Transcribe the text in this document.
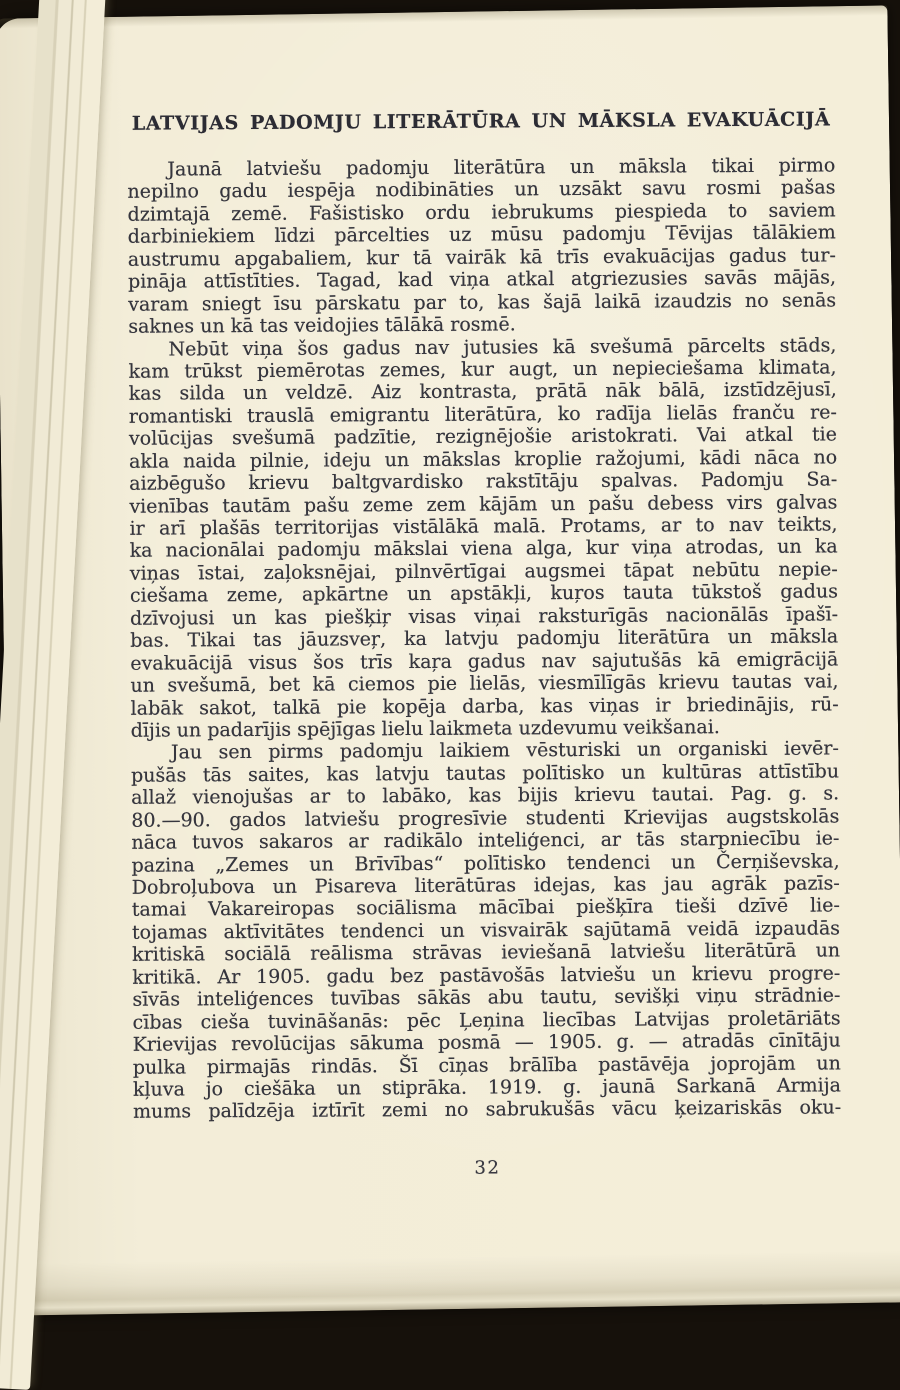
LATVIJAS PADOMJU LITERĀTŪRA UN MĀKSLA EVAKUĀCIJĀ
Jaunā latviešu padomju literātūra un māksla tikai pirmo
nepilno gadu iespēja nodibināties un uzsākt savu rosmi pašas
dzimtajā zemē. Fašistisko ordu iebrukums piespieda to saviem
darbiniekiem līdzi pārcelties uz mūsu padomju Tēvijas tālākiem
austrumu apgabaliem, kur tā vairāk kā trīs evakuācijas gadus tur-
pināja attīstīties. Tagad, kad viņa atkal atgriezusies savās mājās,
varam sniegt īsu pārskatu par to, kas šajā laikā izaudzis no senās
saknes un kā tas veidojies tālākā rosmē.
Nebūt viņa šos gadus nav jutusies kā svešumā pārcelts stāds,
kam trūkst piemērotas zemes, kur augt, un nepieciešama klimata,
kas silda un veldzē. Aiz kontrasta, prātā nāk bālā, izstīdzējusī,
romantiski trauslā emigrantu literātūra, ko radīja lielās franču re-
volūcijas svešumā padzītie, rezignējošie aristokrati. Vai atkal tie
akla naida pilnie, ideju un mākslas kroplie ražojumi, kādi nāca no
aizbēgušo krievu baltgvardisko rakstītāju spalvas. Padomju Sa-
vienības tautām pašu zeme zem kājām un pašu debess virs galvas
ir arī plašās territorijas vistālākā malā. Protams, ar to nav teikts,
ka nacionālai padomju mākslai viena alga, kur viņa atrodas, un ka
viņas īstai, zaļoksnējai, pilnvērtīgai augsmei tāpat nebūtu nepie-
ciešama zeme, apkārtne un apstākļi, kuŗos tauta tūkstoš gadus
dzīvojusi un kas piešķiŗ visas viņai raksturīgās nacionālās īpašī-
bas. Tikai tas jāuzsveŗ, ka latvju padomju literātūra un māksla
evakuācijā visus šos trīs kaŗa gadus nav sajutušās kā emigrācijā
un svešumā, bet kā ciemos pie lielās, viesmīlīgās krievu tautas vai,
labāk sakot, talkā pie kopēja darba, kas viņas ir briedinājis, rū-
dījis un padarījis spējīgas lielu laikmeta uzdevumu veikšanai.
Jau sen pirms padomju laikiem vēsturiski un organiski ievēr-
pušās tās saites, kas latvju tautas polītisko un kultūras attīstību
allaž vienojušas ar to labāko, kas bijis krievu tautai. Pag. g. s.
80.—90. gados latviešu progresīvie studenti Krievijas augstskolās
nāca tuvos sakaros ar radikālo inteliģenci, ar tās starpniecību ie-
pazina „Zemes un Brīvības“ polītisko tendenci un Čerņiševska,
Dobroļubova un Pisareva literātūras idejas, kas jau agrāk pazīs-
tamai Vakareiropas sociālisma mācībai piešķīra tieši dzīvē lie-
tojamas aktīvitātes tendenci un visvairāk sajūtamā veidā izpaudās
kritiskā sociālā reālisma strāvas ieviešanā latviešu literātūrā un
kritikā. Ar 1905. gadu bez pastāvošās latviešu un krievu progre-
sīvās inteliģences tuvības sākās abu tautu, sevišķi viņu strādnie-
cības cieša tuvināšanās: pēc Ļeņina liecības Latvijas proletāriāts
Krievijas revolūcijas sākuma posmā — 1905. g. — atradās cīnītāju
pulka pirmajās rindās. Šī cīņas brālība pastāvēja joprojām un
kļuva jo ciešāka un stiprāka. 1919. g. jaunā Sarkanā Armija
mums palīdzēja iztīrīt zemi no sabrukušās vācu ķeizariskās oku-
32
